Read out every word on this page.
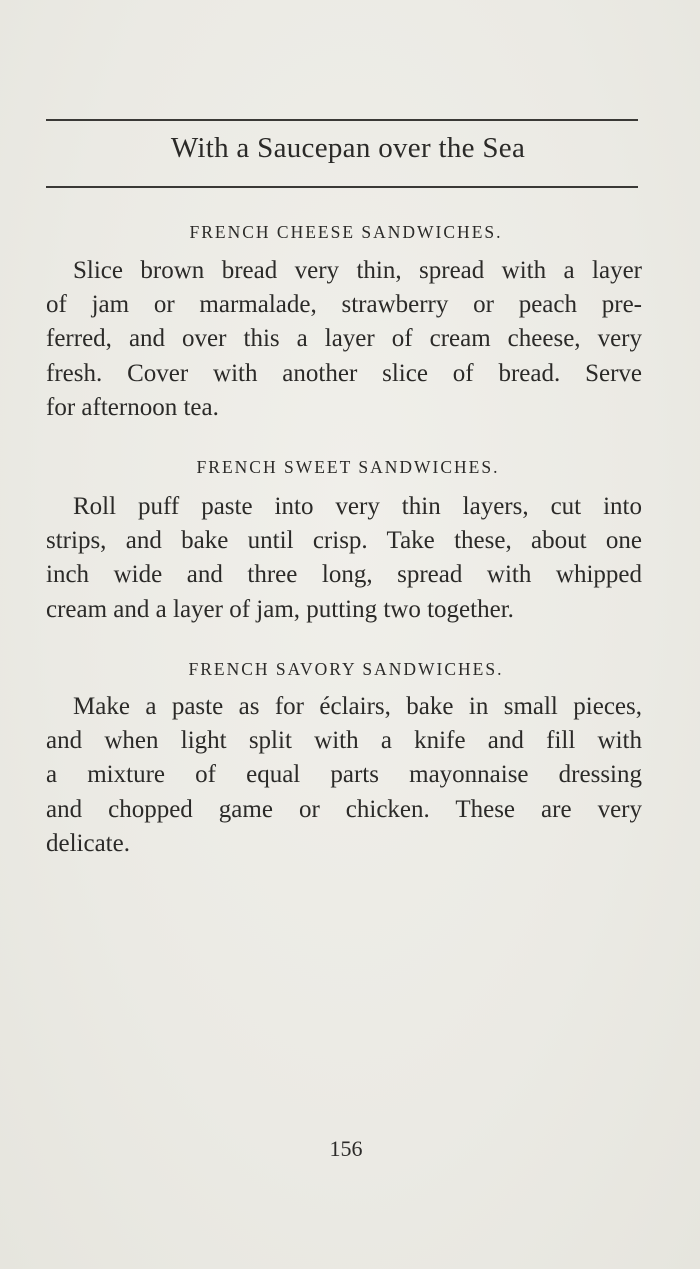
With a Saucepan over the Sea
FRENCH CHEESE SANDWICHES.
Slice brown bread very thin, spread with a layer
of jam or marmalade, strawberry or peach pre-
ferred, and over this a layer of cream cheese, very
fresh. Cover with another slice of bread. Serve
for afternoon tea.
FRENCH SWEET SANDWICHES.
Roll puff paste into very thin layers, cut into
strips, and bake until crisp. Take these, about one
inch wide and three long, spread with whipped
cream and a layer of jam, putting two together.
FRENCH SAVORY SANDWICHES.
Make a paste as for éclairs, bake in small pieces,
and when light split with a knife and fill with
a mixture of equal parts mayonnaise dressing
and chopped game or chicken. These are very
delicate.
156
